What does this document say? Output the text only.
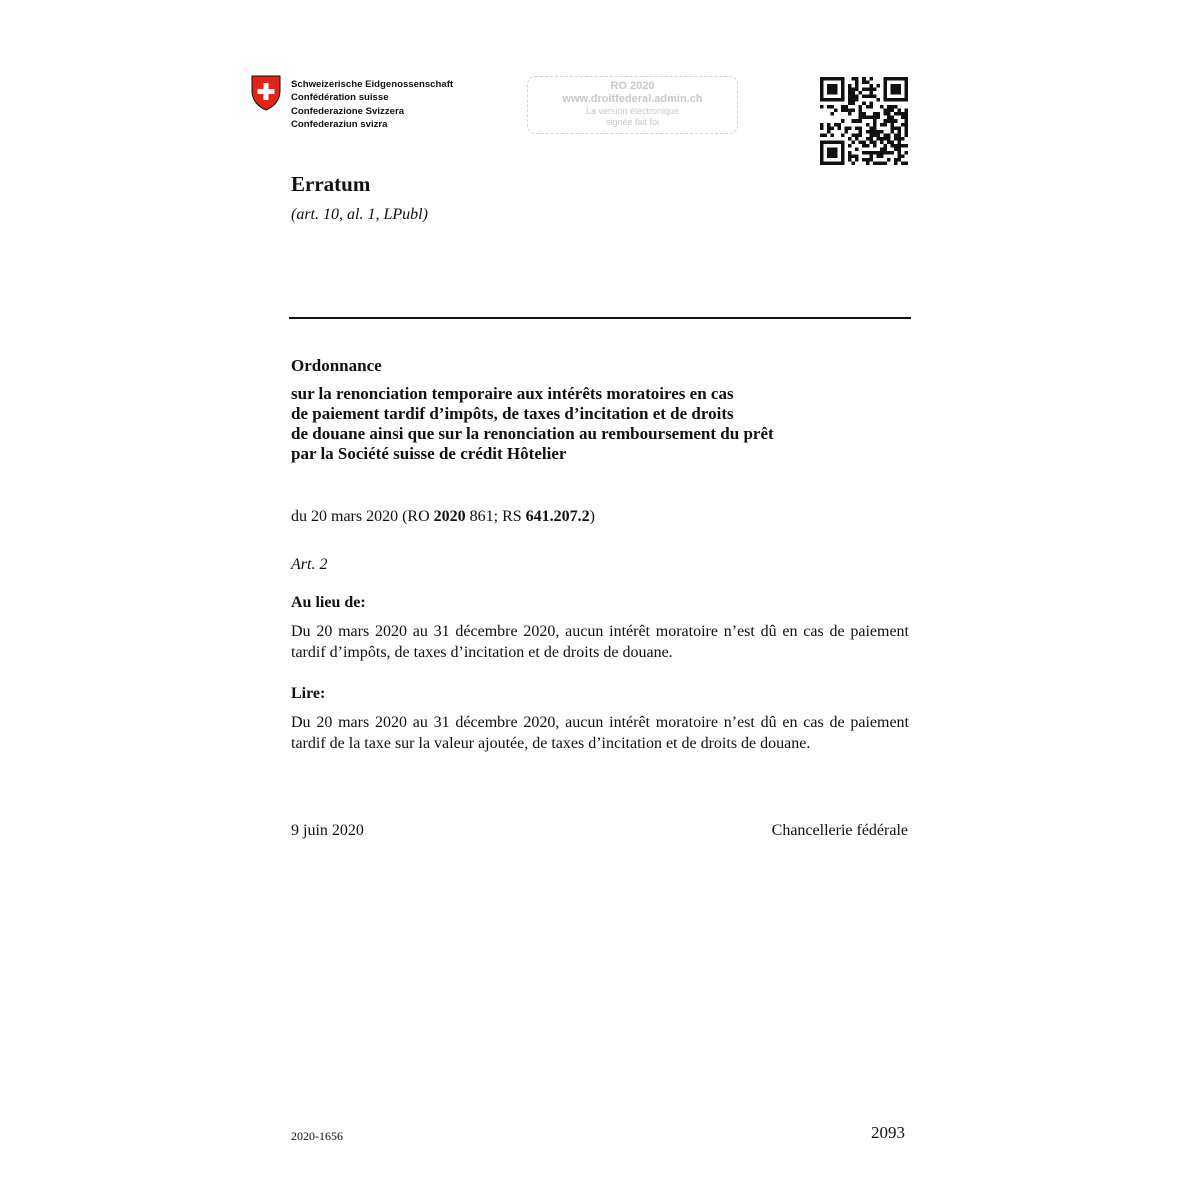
Schweizerische Eidgenossenschaft
Confédération suisse
Confederazione Svizzera
Confederaziun svizra
RO 2020
www.droitfederal.admin.ch
La version électronique
signée fait foi
Erratum
(art. 10, al. 1, LPubl)
Ordonnance
sur la renonciation temporaire aux intérêts moratoires en cas
de paiement tardif d’impôts, de taxes d’incitation et de droits
de douane ainsi que sur la renonciation au remboursement du prêt
par la Société suisse de crédit Hôtelier
du 20 mars 2020 (RO 2020 861; RS 641.207.2)
Art. 2
Au lieu de:
Du 20 mars 2020 au 31 décembre 2020, aucun intérêt moratoire n’est dû en cas de paiement tardif d’impôts, de taxes d’incitation et de droits de douane.
Lire:
Du 20 mars 2020 au 31 décembre 2020, aucun intérêt moratoire n’est dû en cas de paiement tardif de la taxe sur la valeur ajoutée, de taxes d’incitation et de droits de douane.
9 juin 2020	Chancellerie fédérale
2020-1656	2093
